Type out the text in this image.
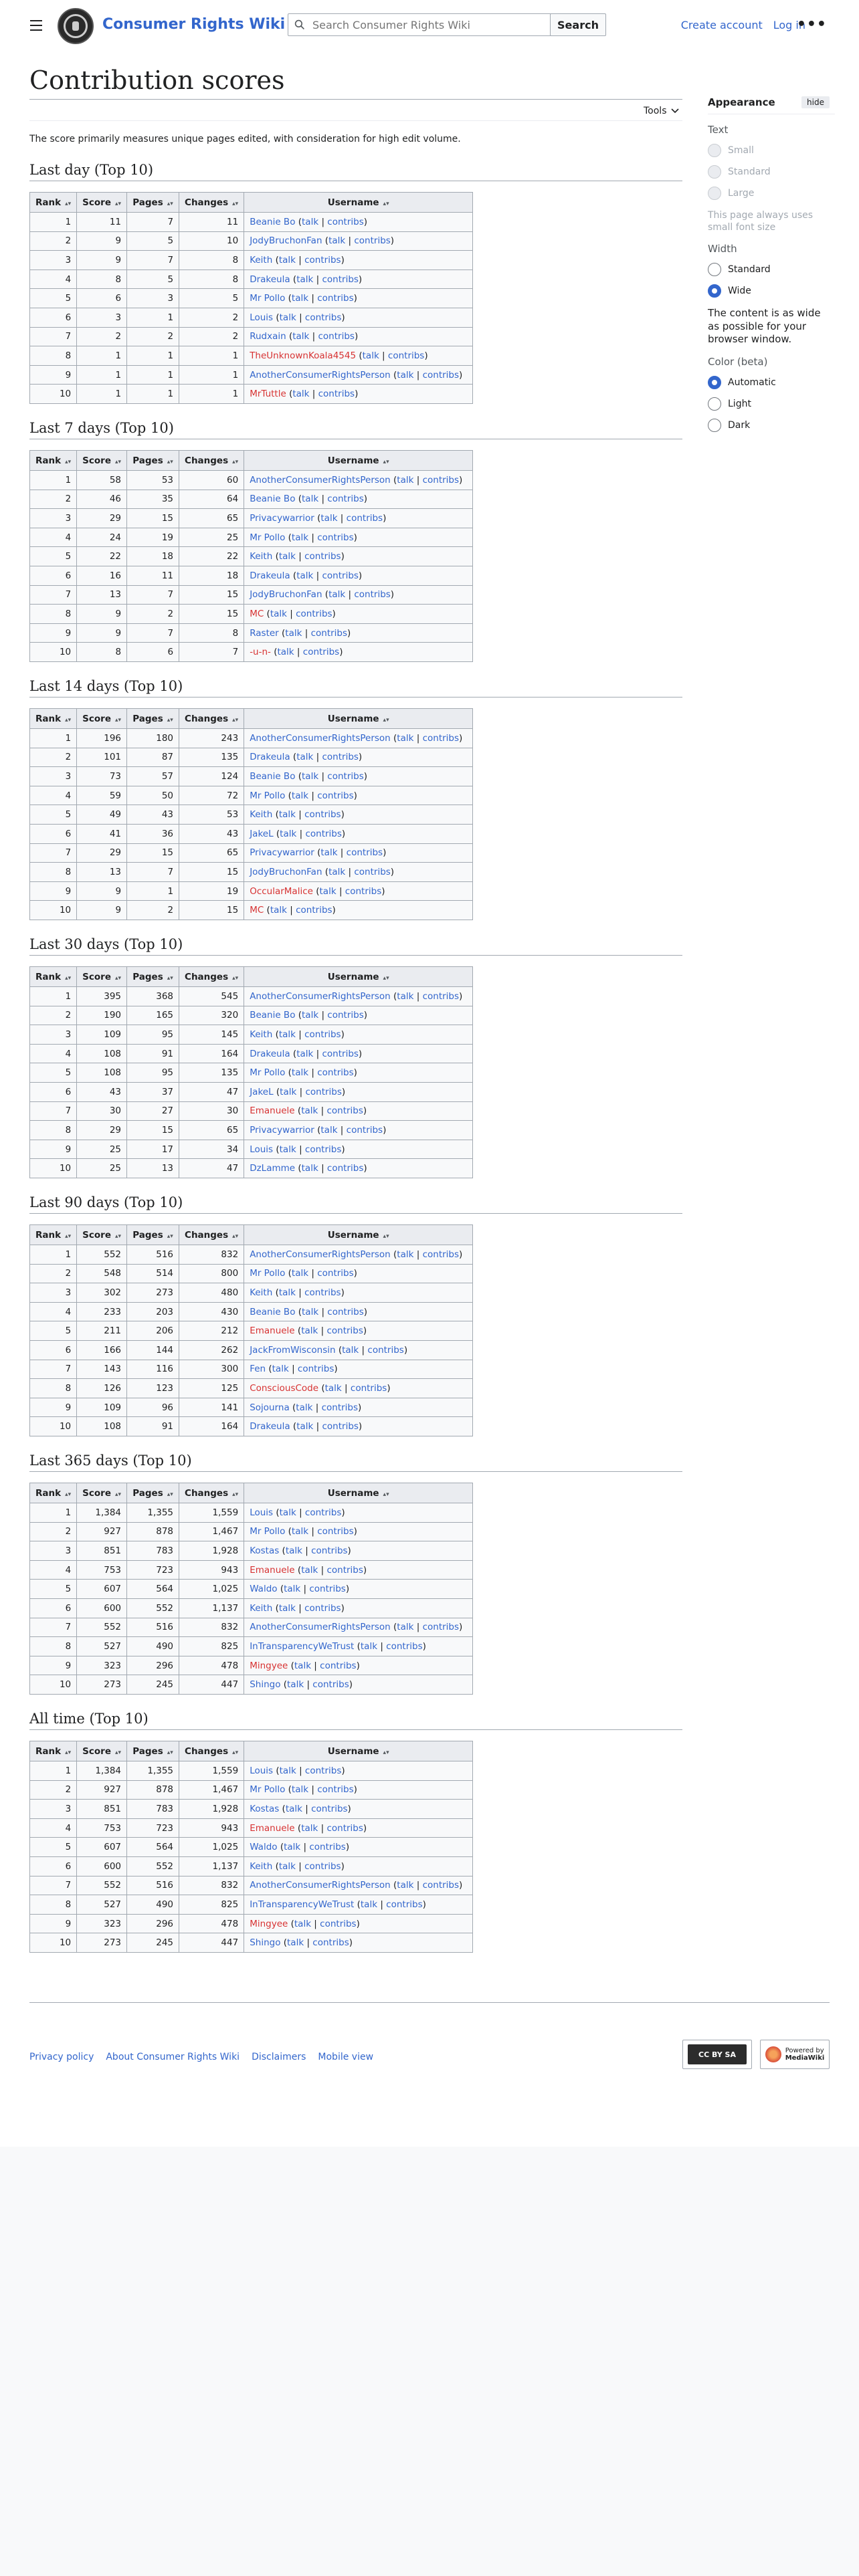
Consumer Rights Wiki
Search Consumer Rights Wiki	Search	Create account Log in
•••
Contribution scores
Tools
The score primarily measures unique pages edited, with consideration for high edit volume.
Last day (Top 10)
Rank ▴▾	Score ▴▾	Pages ▴▾	Changes ▴▾	Username ▴▾
1	11	7	11	Beanie Bo (talk | contribs)
2	9	5	10	JodyBruchonFan (talk | contribs)
3	9	7	8	Keith (talk | contribs)
4	8	5	8	Drakeula (talk | contribs)
5	6	3	5	Mr Pollo (talk | contribs)
6	3	1	2	Louis (talk | contribs)
7	2	2	2	Rudxain (talk | contribs)
8	1	1	1	TheUnknownKoala4545 (talk | contribs)
9	1	1	1	AnotherConsumerRightsPerson (talk | contribs)
10	1	1	1	MrTuttle (talk | contribs)
Last 7 days (Top 10)
Rank ▴▾	Score ▴▾	Pages ▴▾	Changes ▴▾	Username ▴▾
1	58	53	60	AnotherConsumerRightsPerson (talk | contribs)
2	46	35	64	Beanie Bo (talk | contribs)
3	29	15	65	Privacywarrior (talk | contribs)
4	24	19	25	Mr Pollo (talk | contribs)
5	22	18	22	Keith (talk | contribs)
6	16	11	18	Drakeula (talk | contribs)
7	13	7	15	JodyBruchonFan (talk | contribs)
8	9	2	15	MC (talk | contribs)
9	9	7	8	Raster (talk | contribs)
10	8	6	7	-u-n- (talk | contribs)
Last 14 days (Top 10)
Rank ▴▾	Score ▴▾	Pages ▴▾	Changes ▴▾	Username ▴▾
1	196	180	243	AnotherConsumerRightsPerson (talk | contribs)
2	101	87	135	Drakeula (talk | contribs)
3	73	57	124	Beanie Bo (talk | contribs)
4	59	50	72	Mr Pollo (talk | contribs)
5	49	43	53	Keith (talk | contribs)
6	41	36	43	JakeL (talk | contribs)
7	29	15	65	Privacywarrior (talk | contribs)
8	13	7	15	JodyBruchonFan (talk | contribs)
9	9	1	19	OccularMalice (talk | contribs)
10	9	2	15	MC (talk | contribs)
Last 30 days (Top 10)
Rank ▴▾	Score ▴▾	Pages ▴▾	Changes ▴▾	Username ▴▾
1	395	368	545	AnotherConsumerRightsPerson (talk | contribs)
2	190	165	320	Beanie Bo (talk | contribs)
3	109	95	145	Keith (talk | contribs)
4	108	91	164	Drakeula (talk | contribs)
5	108	95	135	Mr Pollo (talk | contribs)
6	43	37	47	JakeL (talk | contribs)
7	30	27	30	Emanuele (talk | contribs)
8	29	15	65	Privacywarrior (talk | contribs)
9	25	17	34	Louis (talk | contribs)
10	25	13	47	DzLamme (talk | contribs)
Last 90 days (Top 10)
Rank ▴▾	Score ▴▾	Pages ▴▾	Changes ▴▾	Username ▴▾
1	552	516	832	AnotherConsumerRightsPerson (talk | contribs)
2	548	514	800	Mr Pollo (talk | contribs)
3	302	273	480	Keith (talk | contribs)
4	233	203	430	Beanie Bo (talk | contribs)
5	211	206	212	Emanuele (talk | contribs)
6	166	144	262	JackFromWisconsin (talk | contribs)
7	143	116	300	Fen (talk | contribs)
8	126	123	125	ConsciousCode (talk | contribs)
9	109	96	141	Sojourna (talk | contribs)
10	108	91	164	Drakeula (talk | contribs)
Last 365 days (Top 10)
Rank ▴▾	Score ▴▾	Pages ▴▾	Changes ▴▾	Username ▴▾
1	1,384	1,355	1,559	Louis (talk | contribs)
2	927	878	1,467	Mr Pollo (talk | contribs)
3	851	783	1,928	Kostas (talk | contribs)
4	753	723	943	Emanuele (talk | contribs)
5	607	564	1,025	Waldo (talk | contribs)
6	600	552	1,137	Keith (talk | contribs)
7	552	516	832	AnotherConsumerRightsPerson (talk | contribs)
8	527	490	825	InTransparencyWeTrust (talk | contribs)
9	323	296	478	Mingyee (talk | contribs)
10	273	245	447	Shingo (talk | contribs)
All time (Top 10)
Rank ▴▾	Score ▴▾	Pages ▴▾	Changes ▴▾	Username ▴▾
1	1,384	1,355	1,559	Louis (talk | contribs)
2	927	878	1,467	Mr Pollo (talk | contribs)
3	851	783	1,928	Kostas (talk | contribs)
4	753	723	943	Emanuele (talk | contribs)
5	607	564	1,025	Waldo (talk | contribs)
6	600	552	1,137	Keith (talk | contribs)
7	552	516	832	AnotherConsumerRightsPerson (talk | contribs)
8	527	490	825	InTransparencyWeTrust (talk | contribs)
9	323	296	478	Mingyee (talk | contribs)
10	273	245	447	Shingo (talk | contribs)
Appearance	hide
Text
Small
Standard
Large
This page always uses small font size
Width
Standard
Wide
The content is as wide as possible for your browser window.
Color (beta)
Automatic
Light
Dark
Privacy policy About Consumer Rights Wiki Disclaimers Mobile view	CC BY SA	Powered by
MediaWiki
